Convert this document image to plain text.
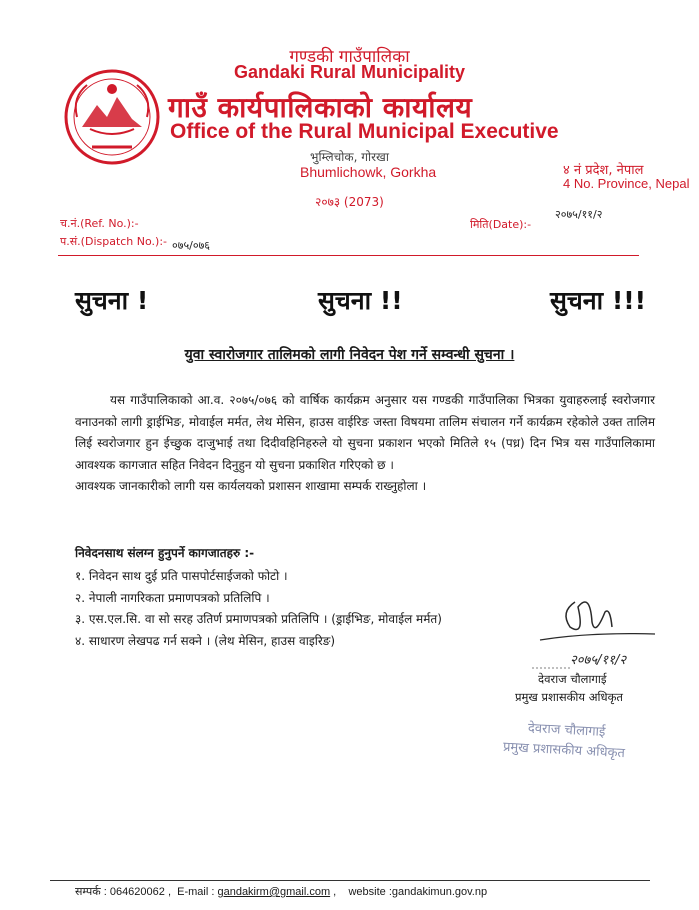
गण्डकी गाउँपालिका
Gandaki Rural Municipality
गाउँ कार्यपालिकाको कार्यालय
Office of the Rural Municipal Executive
भुम्लिचोक, गोरखा
Bhumlichowk, Gorkha	४ नं प्रदेश, नेपाल
4 No. Province, Nepal
२०७३ (2073)
च.नं.(Ref. No.):-
प.सं.(Dispatch No.):- ०७५/०७६
मिति(Date):-
२०७५/११/२
सुचना !	सुचना !!	सुचना !!!
युवा स्वारोजगार तालिमको लागी निवेदन पेश गर्ने सम्वन्धी सुचना ।

यस गाउँपालिकाको आ.व. २०७५/०७६ को वार्षिक कार्यक्रम अनुसार यस गण्डकी गाउँपालिका भित्रका युवाहरुलाई स्वरोजगार वनाउनको लागी ड्राईभिङ, मोवाईल मर्मत, लेथ मेसिन, हाउस वाईरिङ जस्ता विषयमा तालिम संचालन गर्ने कार्यक्रम रहेकोले उक्त तालिम लिई स्वरोजगार हुन ईच्छुक दाजुभाई तथा दिदीवहिनिहरुले यो सुचना प्रकाशन भएको मितिले १५ (पध्र) दिन भित्र यस गाउँपालिकामा आवश्यक कागजात सहित निवेदन दिनुहुन यो सुचना प्रकाशित गरिएको छ ।

आवश्यक जानकारीको लागी यस कार्यलयको प्रशासन शाखामा सम्पर्क राख्नुहोला ।

निवेदनसाथ संलग्न हुनुपर्ने कागजातहरु :-
१. निवेदन साथ दुई प्रति पासपोर्टसाईजको फोटो ।
२. नेपाली नागरिकता प्रमाणपत्रको प्रतिलिपि ।
३. एस.एल.सि. वा सो सरह उतिर्ण प्रमाणपत्रको प्रतिलिपि । (ड्राईभिङ, मोवाईल मर्मत)
४. साधारण लेखपढ गर्न सक्ने । (लेथ मेसिन, हाउस वाइरिङ)
२०७५/११/२
देवराज चौलागाई
प्रमुख प्रशासकीय अधिकृत
देवराज चौलागाई
प्रमुख प्रशासकीय अधिकृत
सम्पर्क : 064620062 ,  E-mail : gandakirm@gmail.com ,    website :gandakimun.gov.np
